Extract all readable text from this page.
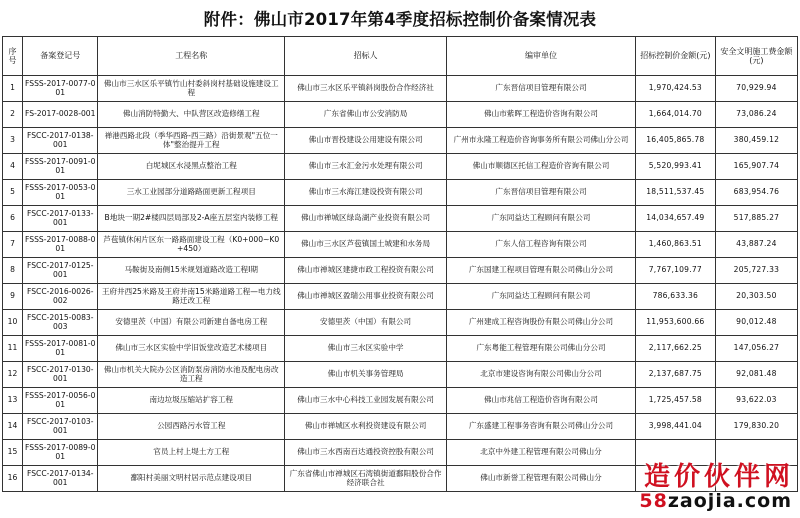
附件：佛山市2017年第4季度招标控制价备案情况表
序号	备案登记号	工程名称	招标人	编审单位	招标控制价金额(元)	安全文明施工费金额(元)
1	FSSS-2017-0077-001	佛山市三水区乐平镇竹山村委斜岗村基础设施建设工程	佛山市三水区乐平镇斜岗股份合作经济社	广东晋信项目管理有限公司	1,970,424.53	70,929.94
2	FS-2017-0028-001	佛山消防特勤大、中队营区改造修缮工程	广东省佛山市公安消防局	佛山市紫晖工程造价咨询有限公司	1,664,014.70	73,086.24
3	FSCC-2017-0138-001	禅港西路北段（季华西路-西三路）沿街景观"五位一体"整治提升工程	佛山市晋投建设公用建设有限公司	广州市永隆工程造价咨询事务所有限公司佛山分公司	16,405,865.78	380,459.12
4	FSSS-2017-0091-001	白坭城区水浸黑点整治工程	佛山市三水汇金污水处理有限公司	佛山市顺德区托信工程造价咨询有限公司	5,520,993.41	165,907.74
5	FSSS-2017-0053-001	三水工业园部分道路路面更新工程项目	佛山市三水海江建设投资有限公司	广东晋信项目管理有限公司	18,511,537.45	683,954.76
6	FSCC-2017-0133-001	B地块一期2#楼四层局部及2-A座五层室内装修工程	佛山市禅城区绿岛湖产业投资有限公司	广东同益达工程顾问有限公司	14,034,657.49	517,885.27
7	FSSS-2017-0088-001	芦苞镇休闲片区东一路路面建设工程（K0+000~K0+450）	佛山市三水区芦苞镇国土城建和水务局	广东人信工程咨询有限公司	1,460,863.51	43,887.24
8	FSCC-2017-0125-001	马鞍街及南侧15米规划道路改造工程Ⅰ期	佛山市禅城区建捷市政工程投资有限公司	广东国建工程项目管理有限公司佛山分公司	7,767,109.77	205,727.33
9	FSCC-2016-0026-002	王府井西25米路及王府井南15米路道路工程—电力线路迁改工程	佛山市禅城区盈瑞公用事业投资有限公司	广东同益达工程顾问有限公司	786,633.36	20,303.50
10	FSCC-2015-0083-003	安德里茨（中国）有限公司新建自备电房工程	安德里茨（中国）有限公司	广州建成工程咨询股份有限公司佛山分公司	11,953,600.66	90,012.48
11	FSSS-2017-0081-001	佛山市三水区实验中学旧饭堂改造艺术楼项目	佛山市三水区实验中学	广东粤能工程管理有限公司佛山分公司	2,117,662.25	147,056.27
12	FSCC-2017-0130-001	佛山市机关大院办公区消防泵房消防水池及配电房改造工程	佛山市机关事务管理局	北京市建设咨询有限公司佛山分公司	2,137,687.75	92,081.48
13	FSSS-2017-0056-001	南边垃圾压缩站扩容工程	佛山市三水中心科技工业园发展有限公司	佛山市兆信工程造价咨询有限公司	1,725,457.58	93,622.03
14	FSCC-2017-0103-001	公园西路污水管工程	佛山市禅城区水利投资建设有限公司	广东盛建工程事务咨询有限公司佛山分公司	3,998,441.04	179,830.20
15	FSSS-2017-0089-001	官员上村上堤土方工程	佛山市三水西南百达通投资控股有限公司	北京中外建工程管理有限公司佛山分		
16	FSCC-2017-0134-001	鄱阳村美丽文明村居示范点建设项目	广东省佛山市禅城区石湾镇街道鄱阳股份合作经济联合社	佛山市新誉工程管理有限公司佛山分		造价伙伴网
58zaojia.com
